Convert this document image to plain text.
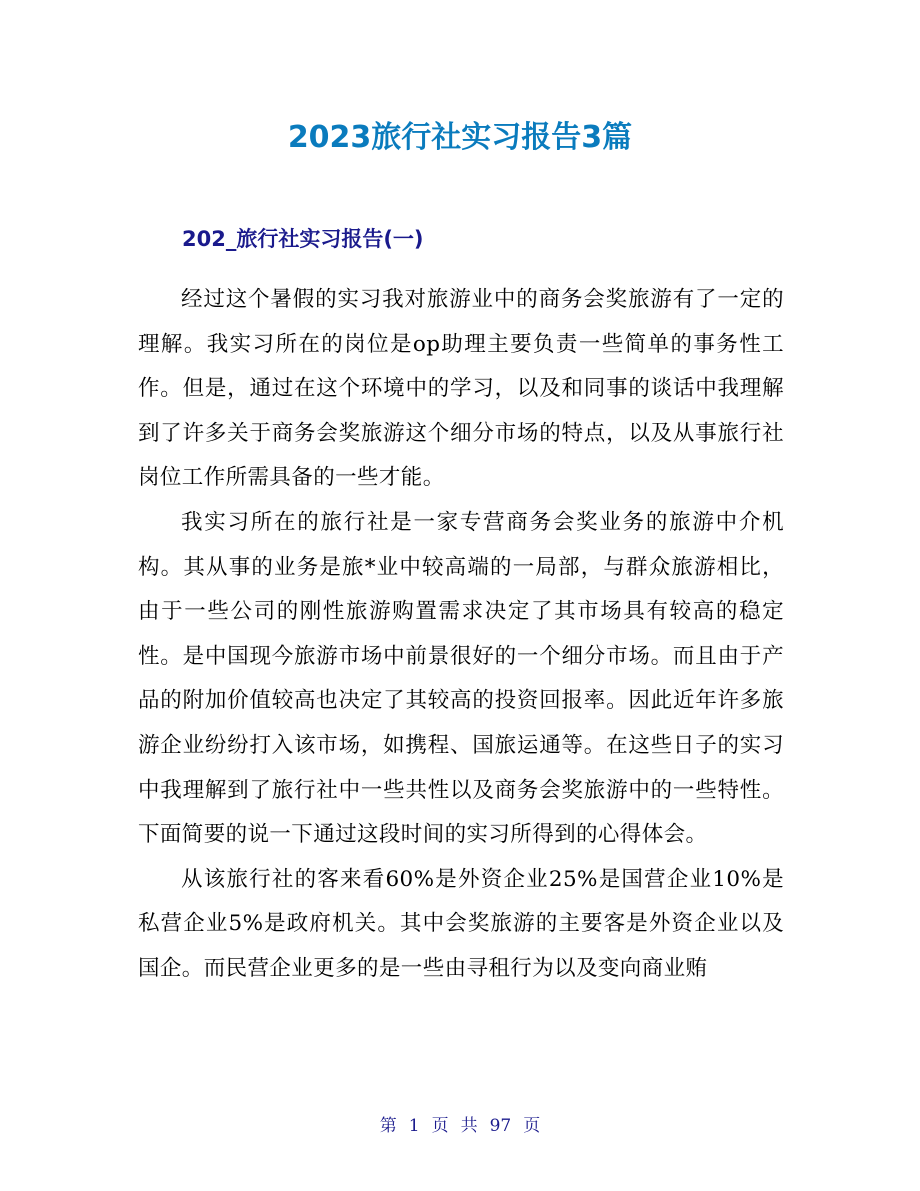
2023旅行社实习报告3篇
202_旅行社实习报告(一)

经过这个暑假的实习我对旅游业中的商务会奖旅游有了一定的理解。我实习所在的岗位是op助理主要负责一些简单的事务性工作。但是，通过在这个环境中的学习，以及和同事的谈话中我理解到了许多关于商务会奖旅游这个细分市场的特点，以及从事旅行社岗位工作所需具备的一些才能。

我实习所在的旅行社是一家专营商务会奖业务的旅游中介机构。其从事的业务是旅*业中较高端的一局部，与群众旅游相比，由于一些公司的刚性旅游购置需求决定了其市场具有较高的稳定性。是中国现今旅游市场中前景很好的一个细分市场。而且由于产品的附加价值较高也决定了其较高的投资回报率。因此近年许多旅游企业纷纷打入该市场，如携程、国旅运通等。在这些日子的实习中我理解到了旅行社中一些共性以及商务会奖旅游中的一些特性。下面简要的说一下通过这段时间的实习所得到的心得体会。

从该旅行社的客来看60%是外资企业25%是国营企业10%是私营企业5%是政府机关。其中会奖旅游的主要客是外资企业以及国企。而民营企业更多的是一些由寻租行为以及变向商业贿

第 1 页 共 97 页
